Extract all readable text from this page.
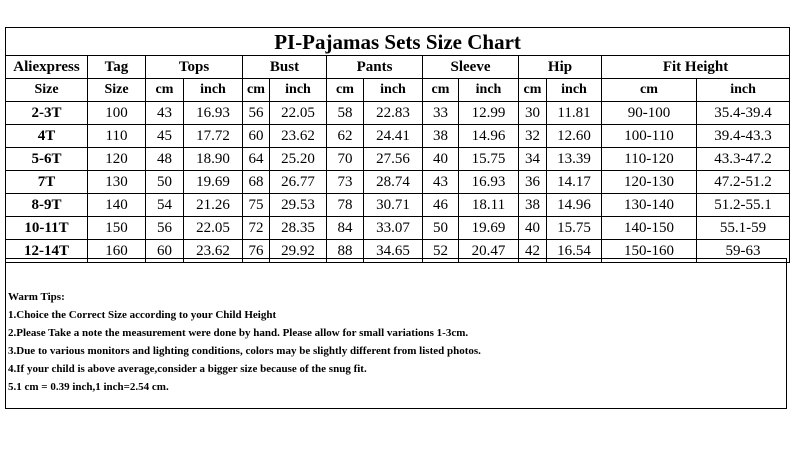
PI-Pajamas Sets Size Chart													
Aliexpress	Tag	Tops		Bust		Pants		Sleeve		Hip		Fit Height	
Size	Size	cm	inch	cm	inch	cm	inch	cm	inch	cm	inch	cm	inch
2-3T	100	43	16.93	56	22.05	58	22.83	33	12.99	30	11.81	90-100	35.4-39.4
4T	110	45	17.72	60	23.62	62	24.41	38	14.96	32	12.60	100-110	39.4-43.3
5-6T	120	48	18.90	64	25.20	70	27.56	40	15.75	34	13.39	110-120	43.3-47.2
7T	130	50	19.69	68	26.77	73	28.74	43	16.93	36	14.17	120-130	47.2-51.2
8-9T	140	54	21.26	75	29.53	78	30.71	46	18.11	38	14.96	130-140	51.2-55.1
10-11T	150	56	22.05	72	28.35	84	33.07	50	19.69	40	15.75	140-150	55.1-59
12-14T	160	60	23.62	76	29.92	88	34.65	52	20.47	42	16.54	150-160	59-63
Warm Tips:
1.Choice the Correct Size according to your Child Height
2.Please Take a note the measurement were done by hand. Please allow for small variations 1-3cm.
3.Due to various monitors and lighting conditions, colors may be slightly different from listed photos.
4.If your child is above average,consider a bigger size because of the snug fit.
5.1 cm = 0.39 inch,1 inch=2.54 cm.
